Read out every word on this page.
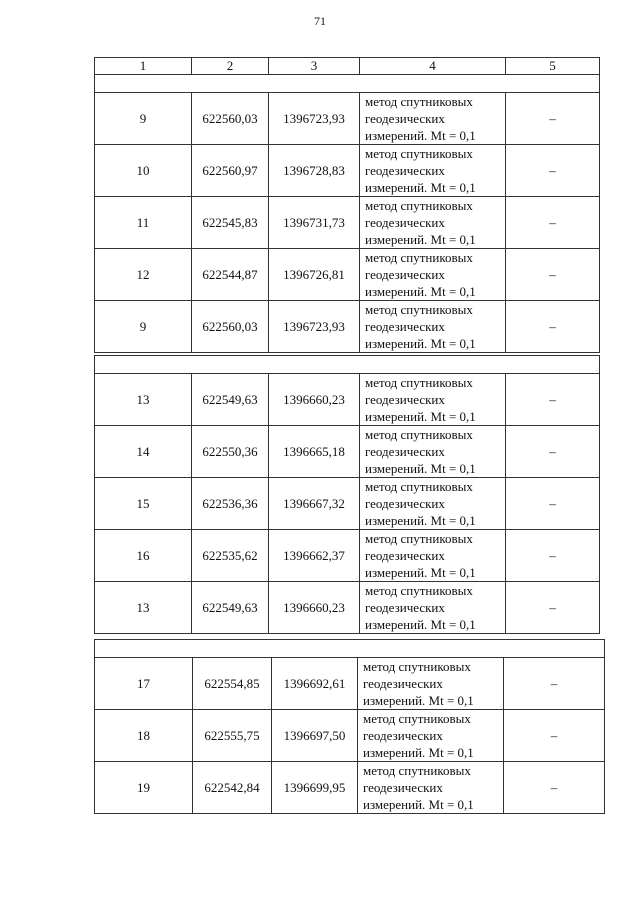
71
1	2	3	4	5

9	622560,03	1396723,93	метод спутниковых
геодезических
измерений. Mt = 0,1	–
10	622560,97	1396728,83	метод спутниковых
геодезических
измерений. Mt = 0,1	–
11	622545,83	1396731,73	метод спутниковых
геодезических
измерений. Mt = 0,1	–
12	622544,87	1396726,81	метод спутниковых
геодезических
измерений. Mt = 0,1	–
9	622560,03	1396723,93	метод спутниковых
геодезических
измерений. Mt = 0,1	–

13	622549,63	1396660,23	метод спутниковых
геодезических
измерений. Mt = 0,1	–
14	622550,36	1396665,18	метод спутниковых
геодезических
измерений. Mt = 0,1	–
15	622536,36	1396667,32	метод спутниковых
геодезических
измерений. Mt = 0,1	–
16	622535,62	1396662,37	метод спутниковых
геодезических
измерений. Mt = 0,1	–
13	622549,63	1396660,23	метод спутниковых
геодезических
измерений. Mt = 0,1	–

17	622554,85	1396692,61	метод спутниковых
геодезических
измерений. Mt = 0,1	–
18	622555,75	1396697,50	метод спутниковых
геодезических
измерений. Mt = 0,1	–
19	622542,84	1396699,95	метод спутниковых
геодезических
измерений. Mt = 0,1	–
